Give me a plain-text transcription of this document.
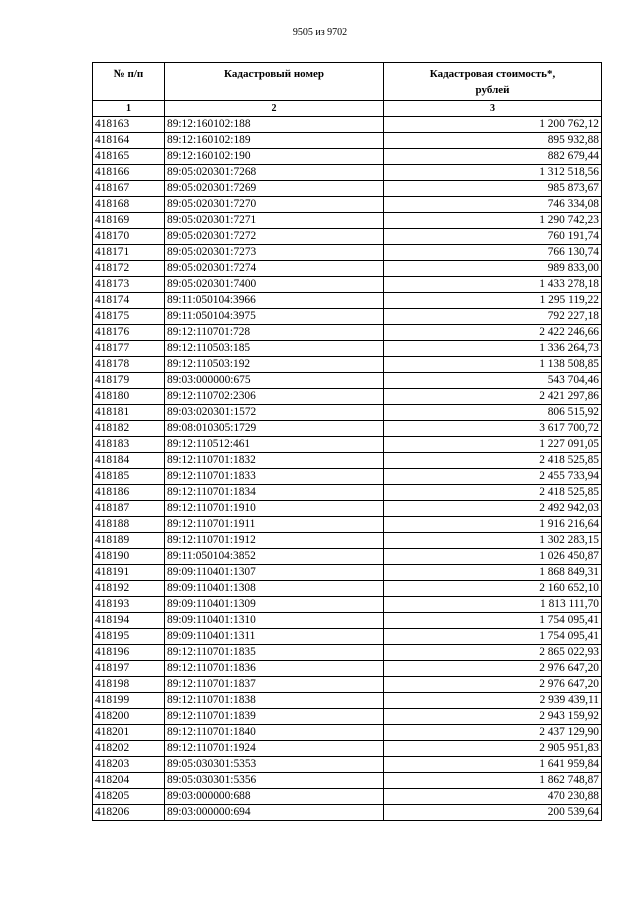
9505 из 9702
№ п/п	Кадастровый номер	Кадастровая стоимость*, рублей
1	2	3
418163	89:12:160102:188	1 200 762,12
418164	89:12:160102:189	895 932,88
418165	89:12:160102:190	882 679,44
418166	89:05:020301:7268	1 312 518,56
418167	89:05:020301:7269	985 873,67
418168	89:05:020301:7270	746 334,08
418169	89:05:020301:7271	1 290 742,23
418170	89:05:020301:7272	760 191,74
418171	89:05:020301:7273	766 130,74
418172	89:05:020301:7274	989 833,00
418173	89:05:020301:7400	1 433 278,18
418174	89:11:050104:3966	1 295 119,22
418175	89:11:050104:3975	792 227,18
418176	89:12:110701:728	2 422 246,66
418177	89:12:110503:185	1 336 264,73
418178	89:12:110503:192	1 138 508,85
418179	89:03:000000:675	543 704,46
418180	89:12:110702:2306	2 421 297,86
418181	89:03:020301:1572	806 515,92
418182	89:08:010305:1729	3 617 700,72
418183	89:12:110512:461	1 227 091,05
418184	89:12:110701:1832	2 418 525,85
418185	89:12:110701:1833	2 455 733,94
418186	89:12:110701:1834	2 418 525,85
418187	89:12:110701:1910	2 492 942,03
418188	89:12:110701:1911	1 916 216,64
418189	89:12:110701:1912	1 302 283,15
418190	89:11:050104:3852	1 026 450,87
418191	89:09:110401:1307	1 868 849,31
418192	89:09:110401:1308	2 160 652,10
418193	89:09:110401:1309	1 813 111,70
418194	89:09:110401:1310	1 754 095,41
418195	89:09:110401:1311	1 754 095,41
418196	89:12:110701:1835	2 865 022,93
418197	89:12:110701:1836	2 976 647,20
418198	89:12:110701:1837	2 976 647,20
418199	89:12:110701:1838	2 939 439,11
418200	89:12:110701:1839	2 943 159,92
418201	89:12:110701:1840	2 437 129,90
418202	89:12:110701:1924	2 905 951,83
418203	89:05:030301:5353	1 641 959,84
418204	89:05:030301:5356	1 862 748,87
418205	89:03:000000:688	470 230,88
418206	89:03:000000:694	200 539,64
